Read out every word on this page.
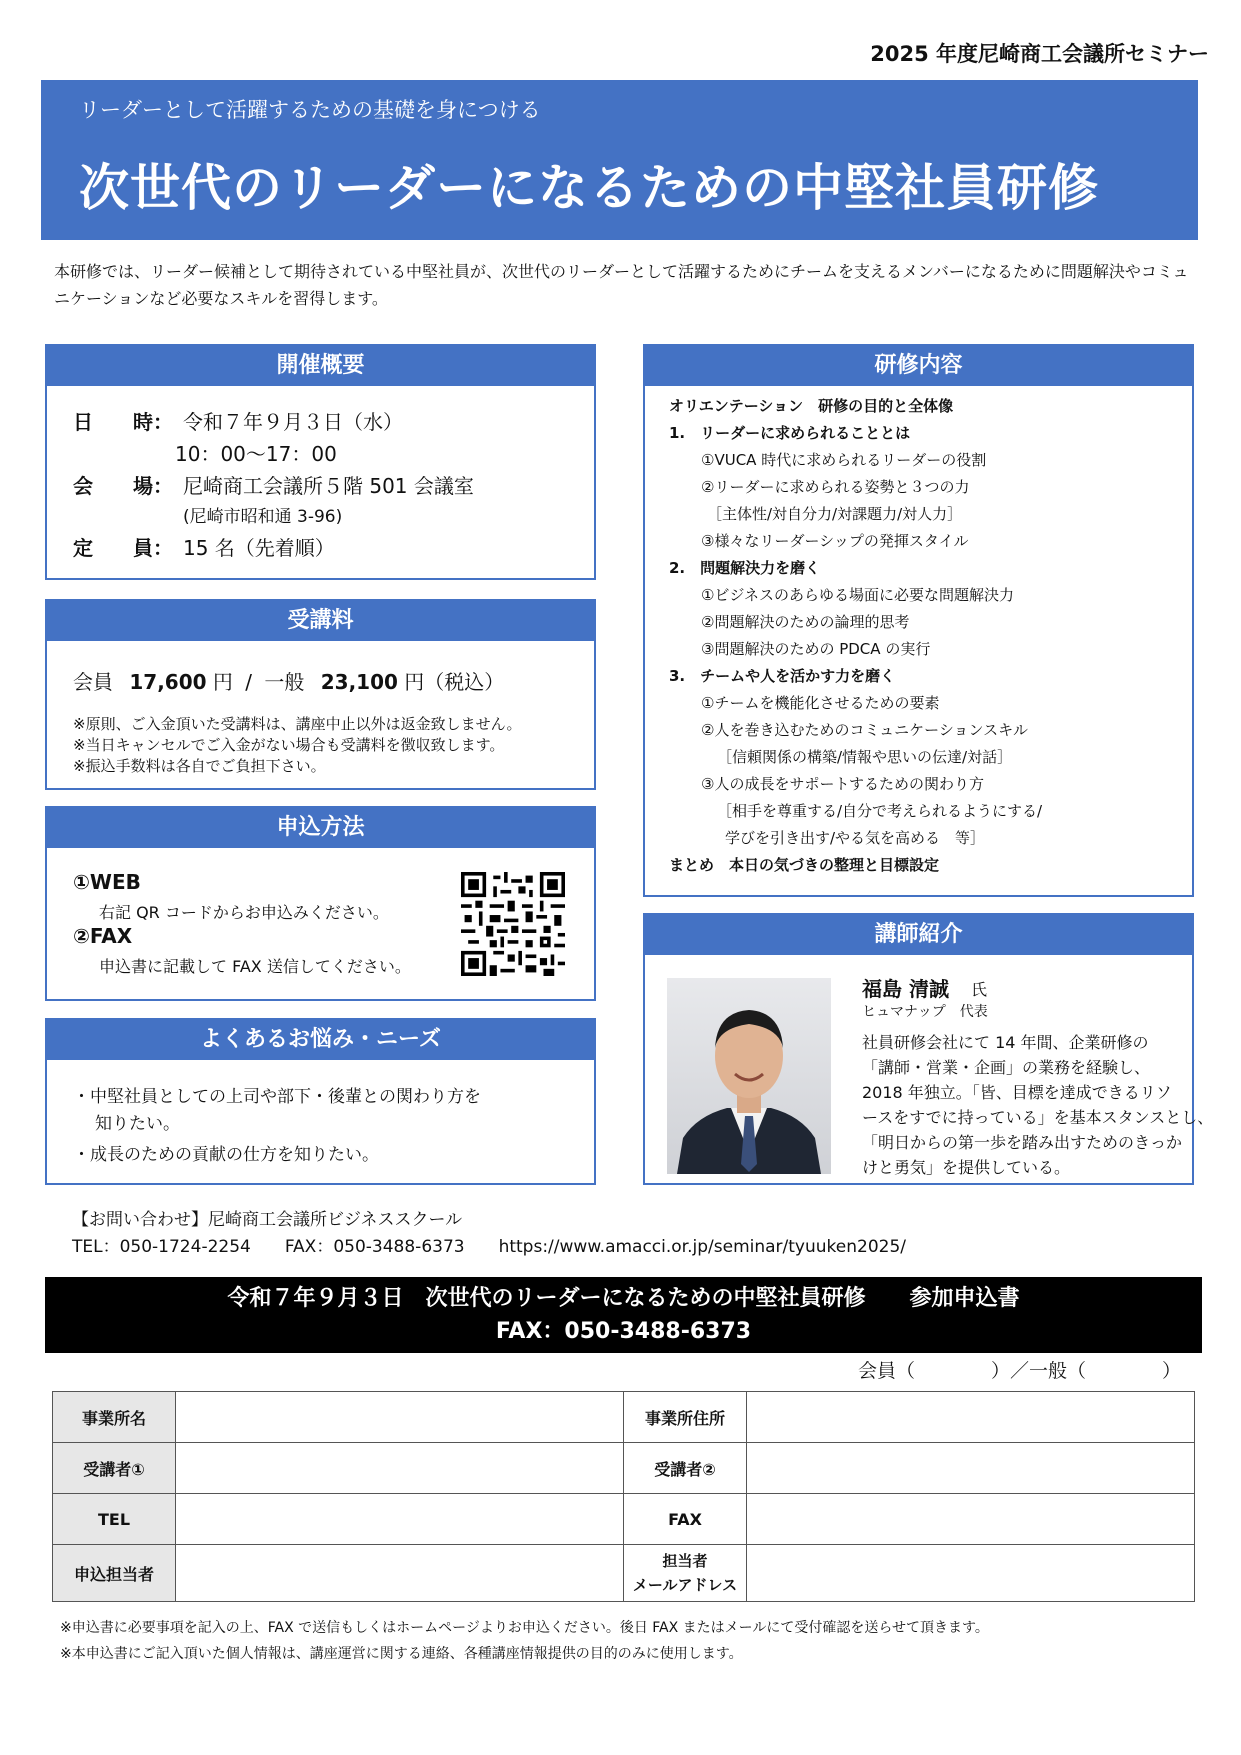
2025 年度尼崎商工会議所セミナー
リーダーとして活躍するための基礎を身につける
次世代のリーダーになるための中堅社員研修
本研修では、リーダー候補として期待されている中堅社員が、次世代のリーダーとして活躍するためにチームを支えるメンバーになるために問題解決やコミュニケーションなど必要なスキルを習得します。
開催概要
日　　時： 令和７年９月３日（水）
10：00～17：00
会　　場： 尼崎商工会議所５階 501 会議室
(尼崎市昭和通 3-96)
定　　員： 15 名（先着順）
受講料
会員 17,600 円 / 一般 23,100 円（税込）
※原則、ご入金頂いた受講料は、講座中止以外は返金致しません。
※当日キャンセルでご入金がない場合も受講料を徴収致します。
※振込手数料は各自でご負担下さい。
申込方法
①WEB
右記 QR コードからお申込みください。
②FAX
申込書に記載して FAX 送信してください。
よくあるお悩み・ニーズ
・中堅社員としての上司や部下・後輩との関わり方を
知りたい。
・成長のための貢献の仕方を知りたい。
研修内容
オリエンテーション　研修の目的と全体像
1.　リーダーに求められることとは
①VUCA 時代に求められるリーダーの役割
②リーダーに求められる姿勢と３つの力
［主体性/対自分力/対課題力/対人力］
③様々なリーダーシップの発揮スタイル
2.　問題解決力を磨く
①ビジネスのあらゆる場面に必要な問題解決力
②問題解決のための論理的思考
③問題解決のための PDCA の実行
3.　チームや人を活かす力を磨く
①チームを機能化させるための要素
②人を巻き込むためのコミュニケーションスキル
［信頼関係の構築/情報や思いの伝達/対話］
③人の成長をサポートするための関わり方
［相手を尊重する/自分で考えられるようにする/
学びを引き出す/やる気を高める　等］
まとめ　本日の気づきの整理と目標設定
講師紹介
福島 清誠 氏
ヒュマナップ　代表
社員研修会社にて 14 年間、企業研修の
「講師・営業・企画」の業務を経験し、
2018 年独立。「皆、目標を達成できるリソ
ースをすでに持っている」を基本スタンスとし、
「明日からの第一歩を踏み出すためのきっか
けと勇気」を提供している。
【お問い合わせ】尼崎商工会議所ビジネススクール
TEL：050-1724-2254　　FAX：050-3488-6373　　https://www.amacci.or.jp/seminar/tyuuken2025/
令和７年９月３日　次世代のリーダーになるための中堅社員研修　　参加申込書
FAX：050-3488-6373
会員（　　　　）／一般（　　　　）
事業所名		事業所住所	
受講者①		受講者②	
TEL		FAX	
申込担当者		担当者
メールアドレス	

※申込書に必要事項を記入の上、FAX で送信もしくはホームページよりお申込ください。後日 FAX またはメールにて受付確認を送らせて頂きます。
※本申込書にご記入頂いた個人情報は、講座運営に関する連絡、各種講座情報提供の目的のみに使用します。
